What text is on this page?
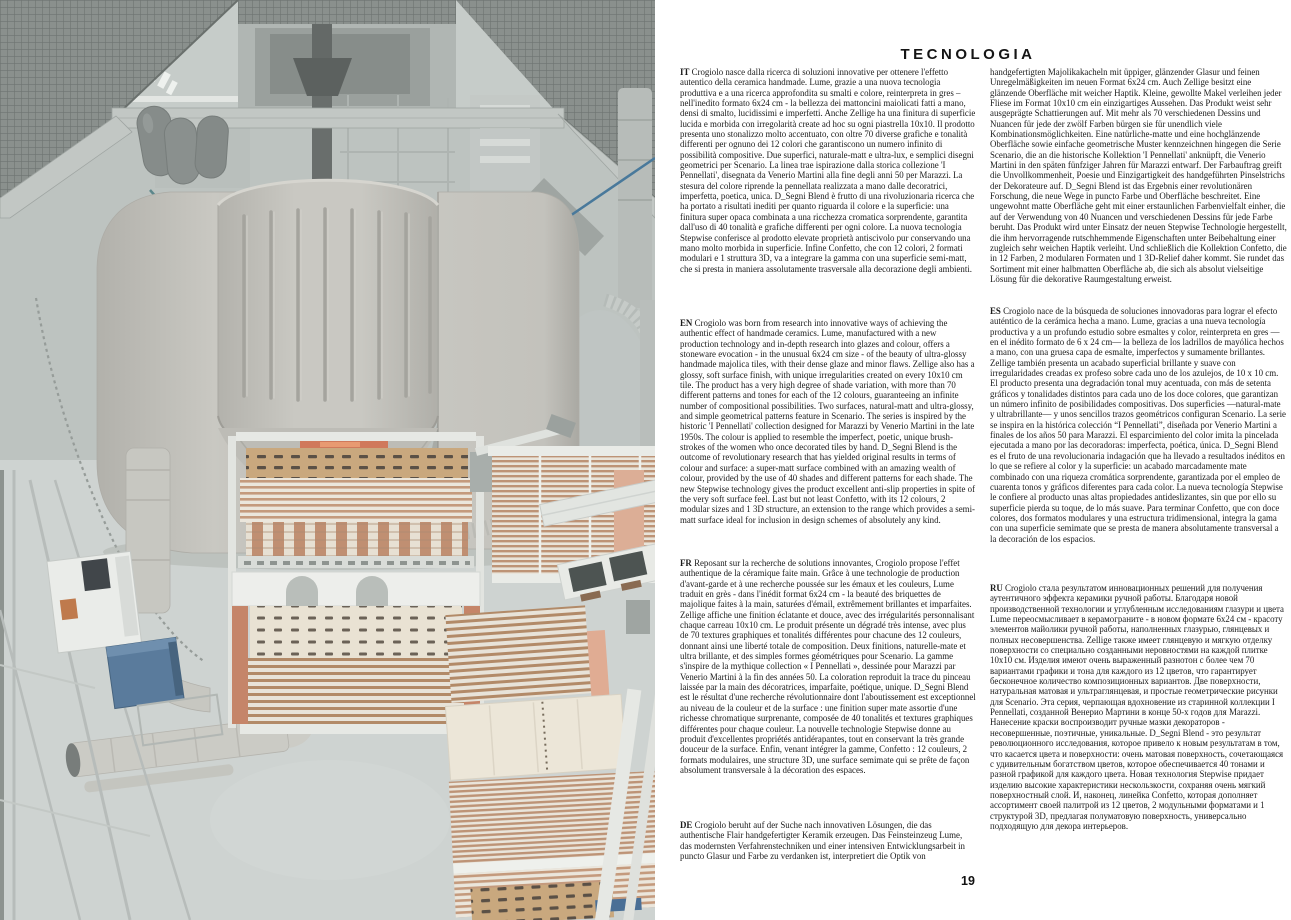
TECNOLOGIA

IT Crogiolo nasce dalla ricerca di soluzioni innovative per ottenere l'effetto autentico della ceramica handmade. Lume, grazie a una nuova tecnologia produttiva e a una ricerca approfondita su smalti e colore, reinterpreta in gres – nell'inedito formato 6x24 cm - la bellezza dei mattoncini maiolicati fatti a mano, densi di smalto, lucidissimi e imperfetti. Anche Zellige ha una finitura di superficie lucida e morbida con irregolarità create ad hoc su ogni piastrella 10x10. Il prodotto presenta uno stonalizzo molto accentuato, con oltre 70 diverse grafiche e tonalità differenti per ognuno dei 12 colori che garantiscono un numero infinito di possibilità compositive. Due superfici, naturale-matt e ultra-lux, e semplici disegni geometrici per Scenario. La linea trae ispirazione dalla storica collezione 'I Pennellati', disegnata da Venerio Martini alla fine degli anni 50 per Marazzi. La stesura del colore riprende la pennellata realizzata a mano dalle decoratrici, imperfetta, poetica, unica. D_Segni Blend è frutto di una rivoluzionaria ricerca che ha portato a risultati inediti per quanto riguarda il colore e la superficie: una finitura super opaca combinata a una ricchezza cromatica sorprendente, garantita dall'uso di 40 tonalità e grafiche differenti per ogni colore. La nuova tecnologia Stepwise conferisce al prodotto elevate proprietà antiscivolo pur conservando una mano molto morbida in superficie. Infine Confetto, che con 12 colori, 2 formati modulari e 1 struttura 3D, va a integrare la gamma con una superficie semi-matt, che si presta in maniera assolutamente trasversale alla decorazione degli ambienti.

EN Crogiolo was born from research into innovative ways of achieving the authentic effect of handmade ceramics. Lume, manufactured with a new production technology and in-depth research into glazes and colour, offers a stoneware evocation - in the unusual 6x24 cm size - of the beauty of ultra-glossy handmade majolica tiles, with their dense glaze and minor flaws. Zellige also has a glossy, soft surface finish, with unique irregularities created on every 10x10 cm tile. The product has a very high degree of shade variation, with more than 70 different patterns and tones for each of the 12 colours, guaranteeing an infinite number of compositional possibilities. Two surfaces, natural-matt and ultra-glossy, and simple geometrical patterns feature in Scenario. The series is inspired by the historic 'I Pennellati' collection designed for Marazzi by Venerio Martini in the late 1950s. The colour is applied to resemble the imperfect, poetic, unique brush-strokes of the women who once decorated tiles by hand. D_Segni Blend is the outcome of revolutionary research that has yielded original results in terms of colour and surface: a super-matt surface combined with an amazing wealth of colour, provided by the use of 40 shades and different patterns for each shade. The new Stepwise technology gives the product excellent anti-slip properties in spite of the very soft surface feel. Last but not least Confetto, with its 12 colours, 2 modular sizes and 1 3D structure, an extension to the range which provides a semi-matt surface ideal for inclusion in design schemes of absolutely any kind.

FR Reposant sur la recherche de solutions innovantes, Crogiolo propose l'effet authentique de la céramique faite main. Grâce à une technologie de production d'avant-garde et à une recherche poussée sur les émaux et les couleurs, Lume traduit en grès - dans l'inédit format 6x24 cm - la beauté des briquettes de majolique faites à la main, saturées d'émail, extrêmement brillantes et imparfaites. Zellige affiche une finition éclatante et douce, avec des irrégularités personnalisant chaque carreau 10x10 cm. Le produit présente un dégradé très intense, avec plus de 70 textures graphiques et tonalités différentes pour chacune des 12 couleurs, donnant ainsi une liberté totale de composition. Deux finitions, naturelle-mate et ultra brillante, et des simples formes géométriques pour Scenario. La gamme s'inspire de la mythique collection « I Pennellati », dessinée pour Marazzi par Venerio Martini à la fin des années 50. La coloration reproduit la trace du pinceau laissée par la main des décoratrices, imparfaite, poétique, unique. D_Segni Blend est le résultat d'une recherche révolutionnaire dont l'aboutissement est exceptionnel au niveau de la couleur et de la surface : une finition super mate assortie d'une richesse chromatique surprenante, composée de 40 tonalités et textures graphiques différentes pour chaque couleur. La nouvelle technologie Stepwise donne au produit d'excellentes propriétés antidérapantes, tout en conservant la très grande douceur de la surface. Enfin, venant intégrer la gamme, Confetto : 12 couleurs, 2 formats modulaires, une structure 3D, une surface semimate qui se prête de façon absolument transversale à la décoration des espaces.

DE Crogiolo beruht auf der Suche nach innovativen Lösungen, die das authentische Flair handgefertigter Keramik erzeugen. Das Feinsteinzeug Lume, das modernsten Verfahrenstechniken und einer intensiven Entwicklungsarbeit in puncto Glasur und Farbe zu verdanken ist, interpretiert die Optik von

handgefertigten Majolikakacheln mit üppiger, glänzender Glasur und feinen Unregelmäßigkeiten im neuen Format 6x24 cm. Auch Zellige besitzt eine glänzende Oberfläche mit weicher Haptik. Kleine, gewollte Makel verleihen jeder Fliese im Format 10x10 cm ein einzigartiges Aussehen. Das Produkt weist sehr ausgeprägte Schattierungen auf. Mit mehr als 70 verschiedenen Dessins und Nuancen für jede der zwölf Farben bürgen sie für unendlich viele Kombinationsmöglichkeiten. Eine natürliche-matte und eine hochglänzende Oberfläche sowie einfache geometrische Muster kennzeichnen hingegen die Serie Scenario, die an die historische Kollektion 'I Pennellati' anknüpft, die Venerio Martini in den späten fünfziger Jahren für Marazzi entwarf. Der Farbauftrag greift die Unvollkommenheit, Poesie und Einzigartigkeit des handgeführten Pinselstrichs der Dekorateure auf. D_Segni Blend ist das Ergebnis einer revolutionären Forschung, die neue Wege in puncto Farbe und Oberfläche beschreitet. Eine ungewohnt matte Oberfläche geht mit einer erstaunlichen Farbenvielfalt einher, die auf der Verwendung von 40 Nuancen und verschiedenen Dessins für jede Farbe beruht. Das Produkt wird unter Einsatz der neuen Stepwise Technologie hergestellt, die ihm hervorragende rutschhemmende Eigenschaften unter Beibehaltung einer zugleich sehr weichen Haptik verleiht. Und schließlich die Kollektion Confetto, die in 12 Farben, 2 modularen Formaten und 1 3D-Relief daher kommt. Sie rundet das Sortiment mit einer halbmatten Oberfläche ab, die sich als absolut vielseitige Lösung für die dekorative Raumgestaltung erweist.

ES Crogiolo nace de la búsqueda de soluciones innovadoras para lograr el efecto auténtico de la cerámica hecha a mano. Lume, gracias a una nueva tecnología productiva y a un profundo estudio sobre esmaltes y color, reinterpreta en gres —en el inédito formato de 6 x 24 cm— la belleza de los ladrillos de mayólica hechos a mano, con una gruesa capa de esmalte, imperfectos y sumamente brillantes. Zellige también presenta un acabado superficial brillante y suave con irregularidades creadas ex profeso sobre cada uno de los azulejos, de 10 x 10 cm. El producto presenta una degradación tonal muy acentuada, con más de setenta gráficos y tonalidades distintos para cada uno de los doce colores, que garantizan un número infinito de posibilidades compositivas. Dos superficies —natural-mate y ultrabrillante— y unos sencillos trazos geométricos configuran Scenario. La serie se inspira en la histórica colección “I Pennellati”, diseñada por Venerio Martini a finales de los años 50 para Marazzi. El esparcimiento del color imita la pincelada ejecutada a mano por las decoradoras: imperfecta, poética, única. D_Segni Blend es el fruto de una revolucionaria indagación que ha llevado a resultados inéditos en lo que se refiere al color y la superficie: un acabado marcadamente mate combinado con una riqueza cromática sorprendente, garantizada por el empleo de cuarenta tonos y gráficos diferentes para cada color. La nueva tecnología Stepwise le confiere al producto unas altas propiedades antideslizantes, sin que por ello su superficie pierda su toque, de lo más suave. Para terminar Confetto, que con doce colores, dos formatos modulares y una estructura tridimensional, integra la gama con una superficie semimate que se presta de manera absolutamente transversal a la decoración de los espacios.

RU Crogiolo стала результатом инновационных решений для получения аутентичного эффекта керамики ручной работы. Благодаря новой производственной технологии и углубленным исследованиям глазури и цвета Lume переосмысливает в керамограните - в новом формате 6x24 см - красоту элементов майолики ручной работы, наполненных глазурью, глянцевых и полных несовершенства. Zellige также имеет глянцевую и мягкую отделку поверхности со специально созданными неровностями на каждой плитке 10x10 см. Изделия имеют очень выраженный разнотон с более чем 70 вариантами графики и тона для каждого из 12 цветов, что гарантирует бесконечное количество композиционных вариантов. Две поверхности, натуральная матовая и ультраглянцевая, и простые геометрические рисунки для Scenario. Эта серия, черпающая вдохновение из старинной коллекции I Pennellati, созданной Венерио Мартини в конце 50-х годов для Marazzi. Нанесение краски воспроизводит ручные мазки декораторов - несовершенные, поэтичные, уникальные. D_Segni Blend - это результат революционного исследования, которое привело к новым результатам в том, что касается цвета и поверхности: очень матовая поверхность, сочетающаяся с удивительным богатством цветов, которое обеспечивается 40 тонами и разной графикой для каждого цвета. Новая технология Stepwise придает изделию высокие характеристики нескользкости, сохраняя очень мягкий поверхностный слой. И, наконец, линейка Confetto, которая дополняет ассортимент своей палитрой из 12 цветов, 2 модульными форматами и 1 структурой 3D, предлагая полуматовую поверхность, универсально подходящую для декора интерьеров.

19
